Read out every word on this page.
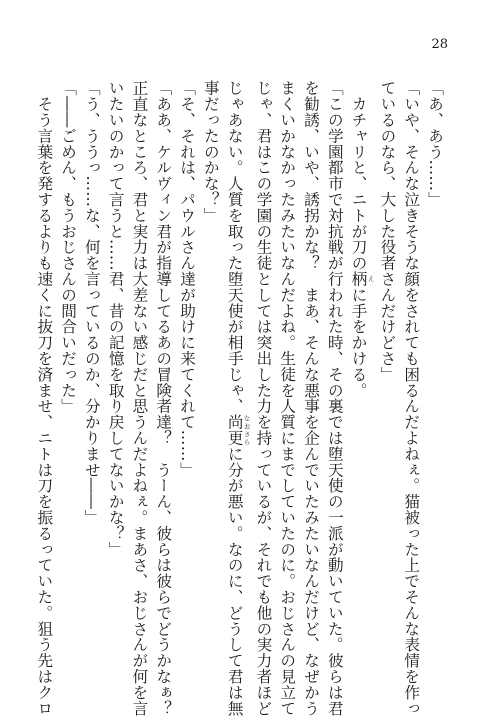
28
「あ、あう……」
「いや、そんな泣きそうな顔をされても困るんだよねぇ。猫被った上でそんな表情を作っ
ているのなら、大した役者さんだけどさ」
　カチャリと、ニトが刀の柄 えに手をかける。
「この学園都市で対抗戦が行われた時、その裏では堕天使の一派が動いていた。彼らは君
を勧誘、いや、誘拐かな？　まあ、そんな悪事を企んでいたみたいなんだけど、なぜかう
まくいかなかったみたいなんだよね。生徒を人質にまでしていたのに。おじさんの見立て
じゃ、君はこの学園の生徒としては突出した力を持っているが、それでも他の実力者ほど
じゃあない。人質を取った堕天使が相手じゃ、尚更 なおさらに分が悪い。なのに、どうして君は無
事だったのかな？」
「そ、それは、パウルさん達が助けに来てくれて……」
「ああ、ケルヴィン君が指導してるあの冒険者達？　うーん、彼らは彼らでどうかなぁ？
正直なところ、君と実力は大差ない感じだと思うんだよねぇ。まあさ、おじさんが何を言
いたいのかって言うと……君、昔の記憶を取り戻してないかな？」
「う、ううっ……な、何を言っているのか、分かりませ――」
「――ごめん、もうおじさんの間合いだった」
　そう言葉を発するよりも速くに抜刀を済ませ、ニトは刀を振るっていた。狙う先はクロ
